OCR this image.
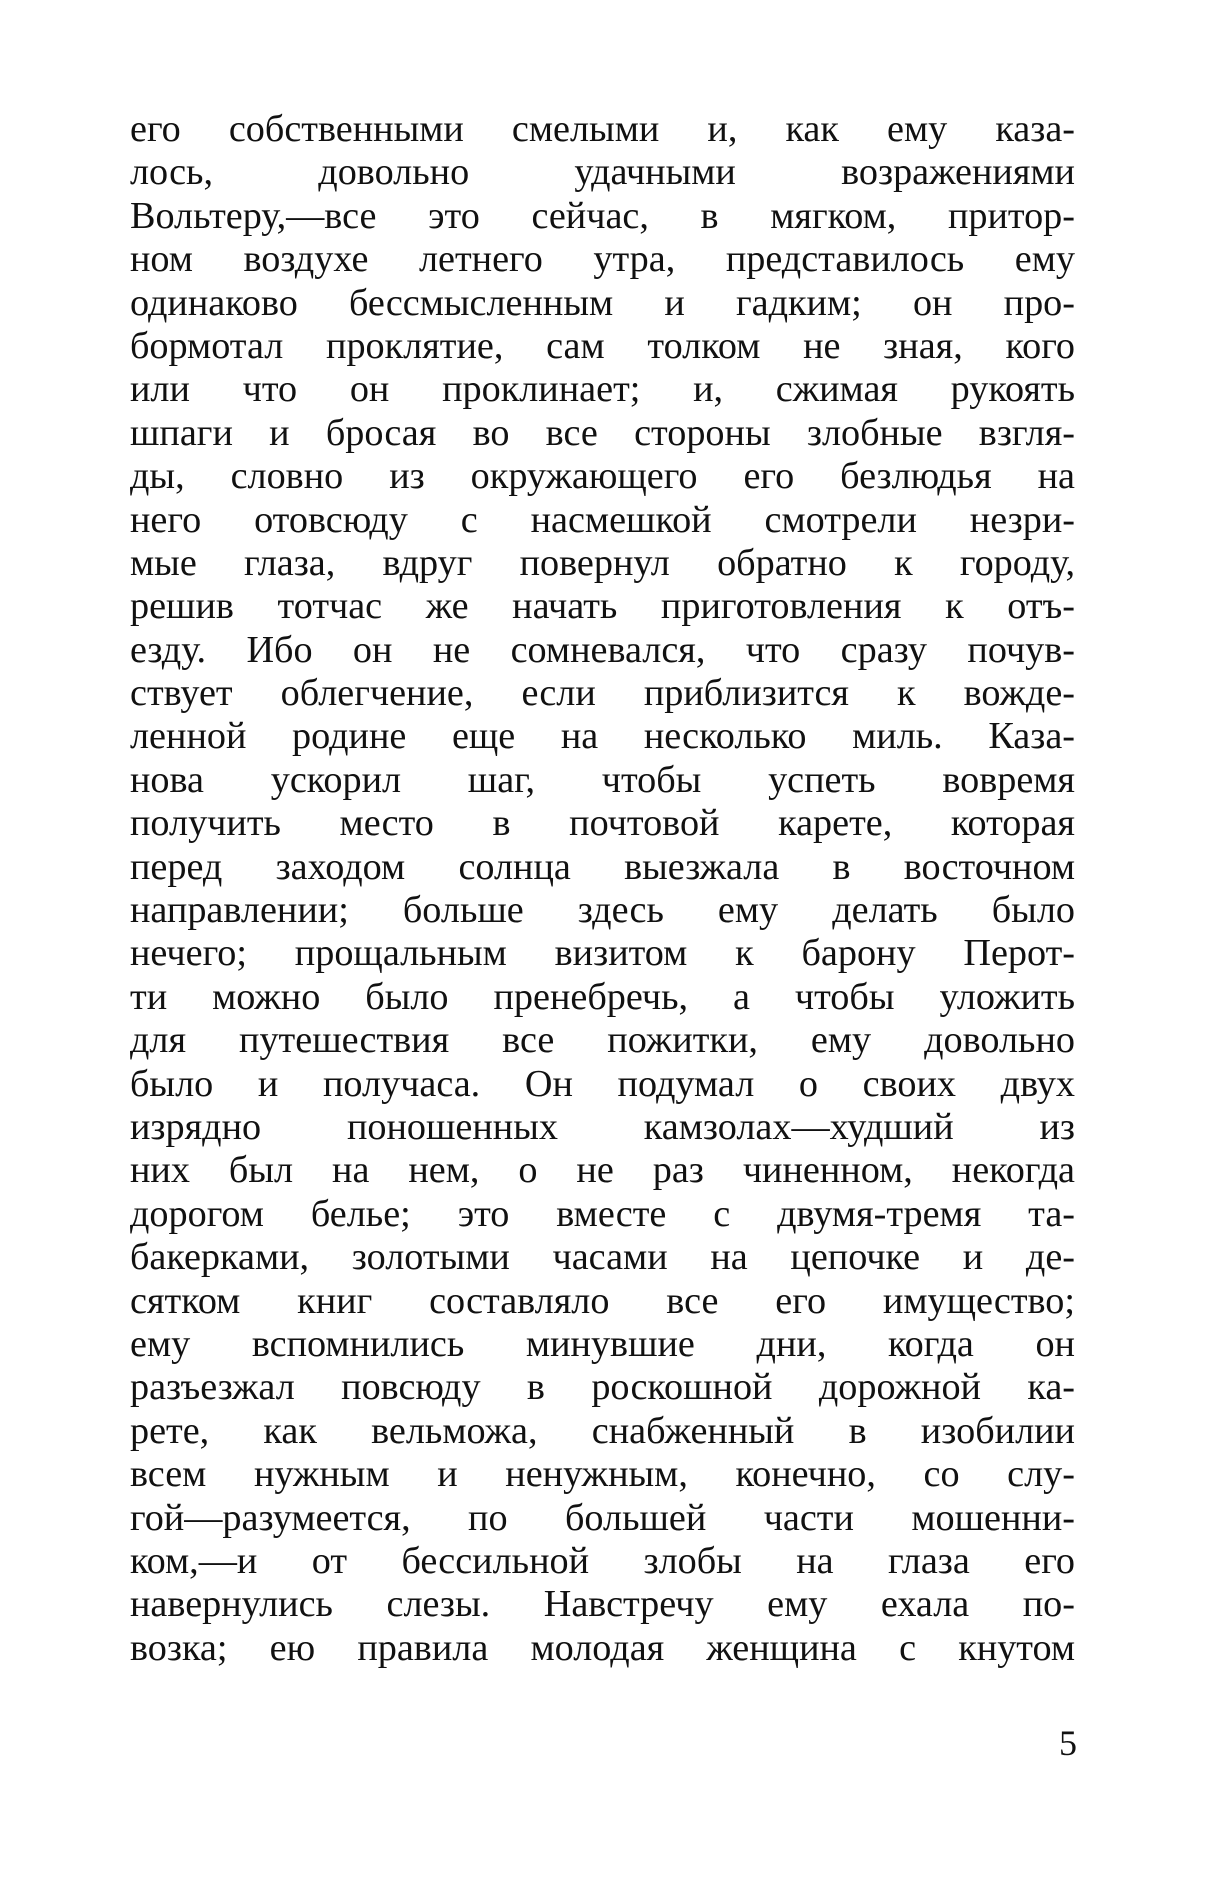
его собственными смелыми и, как ему каза-
лось, довольно удачными возражениями
Вольтеру,—все это сейчас, в мягком, притор-
ном воздухе летнего утра, представилось ему
одинаково бессмысленным и гадким; он про-
бормотал проклятие, сам толком не зная, кого
или что он проклинает; и, сжимая рукоять
шпаги и бросая во все стороны злобные взгля-
ды, словно из окружающего его безлюдья на
него отовсюду с насмешкой смотрели незри-
мые глаза, вдруг повернул обратно к городу,
решив тотчас же начать приготовления к отъ-
езду. Ибо он не сомневался, что сразу почув-
ствует облегчение, если приблизится к вожде-
ленной родине еще на несколько миль. Каза-
нова ускорил шаг, чтобы успеть вовремя
получить место в почтовой карете, которая
перед заходом солнца выезжала в восточном
направлении; больше здесь ему делать было
нечего; прощальным визитом к барону Перот-
ти можно было пренебречь, а чтобы уложить
для путешествия все пожитки, ему довольно
было и получаса. Он подумал о своих двух
изрядно поношенных камзолах—худший из
них был на нем, о не раз чиненном, некогда
дорогом белье; это вместе с двумя-тремя та-
бакерками, золотыми часами на цепочке и де-
сятком книг составляло все его имущество;
ему вспомнились минувшие дни, когда он
разъезжал повсюду в роскошной дорожной ка-
рете, как вельможа, снабженный в изобилии
всем нужным и ненужным, конечно, со слу-
гой—разумеется, по большей части мошенни-
ком,—и от бессильной злобы на глаза его
навернулись слезы. Навстречу ему ехала по-
возка; ею правила молодая женщина с кнутом
5
